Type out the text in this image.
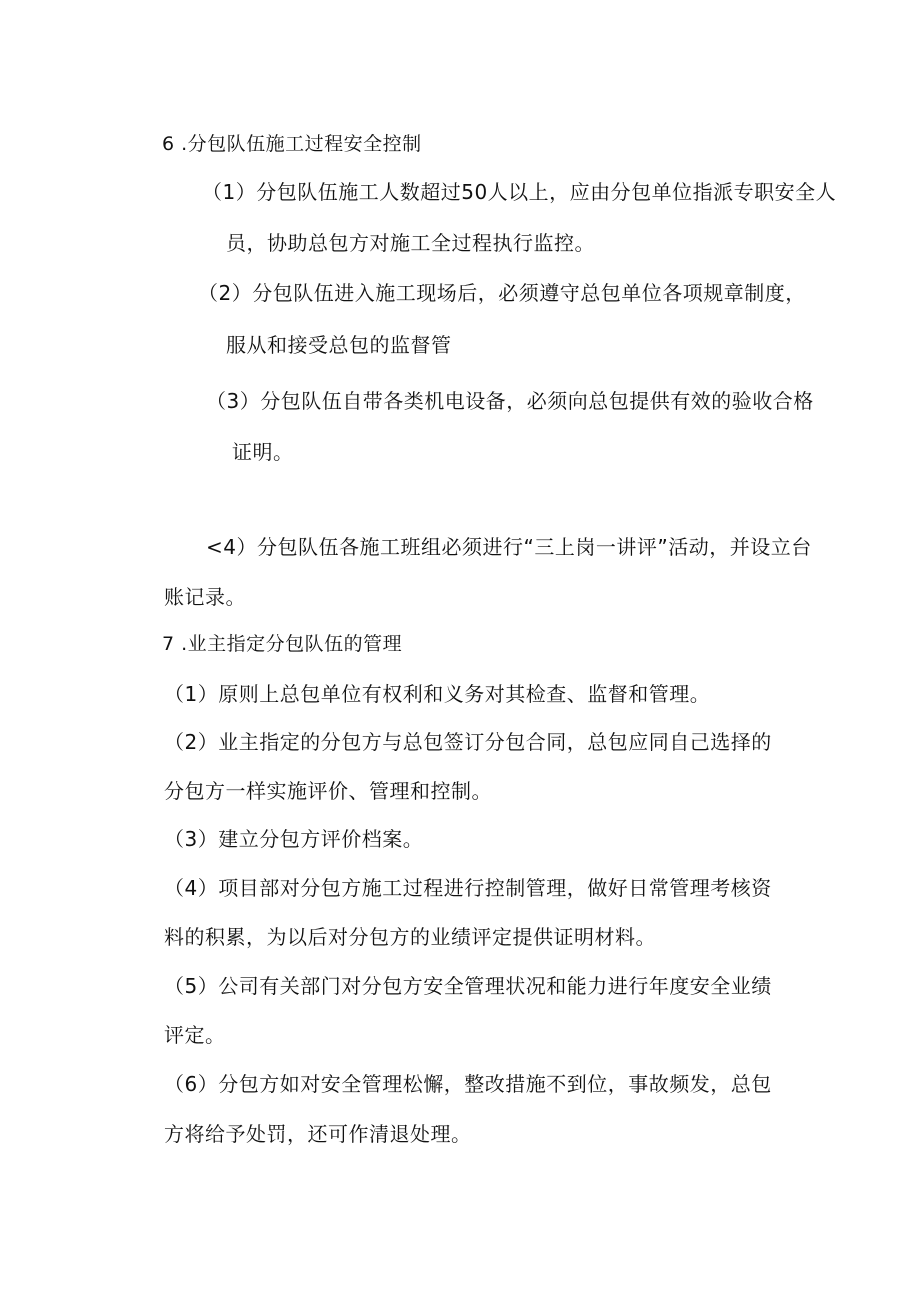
6 .分包队伍施工过程安全控制
（1）分包队伍施工人数超过50人以上，应由分包单位指派专职安全人
员，协助总包方对施工全过程执行监控。
（2）分包队伍进入施工现场后，必须遵守总包单位各项规章制度，
服从和接受总包的监督管
（3）分包队伍自带各类机电设备，必须向总包提供有效的验收合格
证明。
<4）分包队伍各施工班组必须进行“三上岗一讲评”活动，并设立台
账记录。
7 .业主指定分包队伍的管理
（1）原则上总包单位有权利和义务对其检查、监督和管理。
（2）业主指定的分包方与总包签订分包合同，总包应同自己选择的
分包方一样实施评价、管理和控制。
（3）建立分包方评价档案。
（4）项目部对分包方施工过程进行控制管理，做好日常管理考核资
料的积累，为以后对分包方的业绩评定提供证明材料。
（5）公司有关部门对分包方安全管理状况和能力进行年度安全业绩
评定。
（6）分包方如对安全管理松懈，整改措施不到位，事故频发，总包
方将给予处罚，还可作清退处理。
